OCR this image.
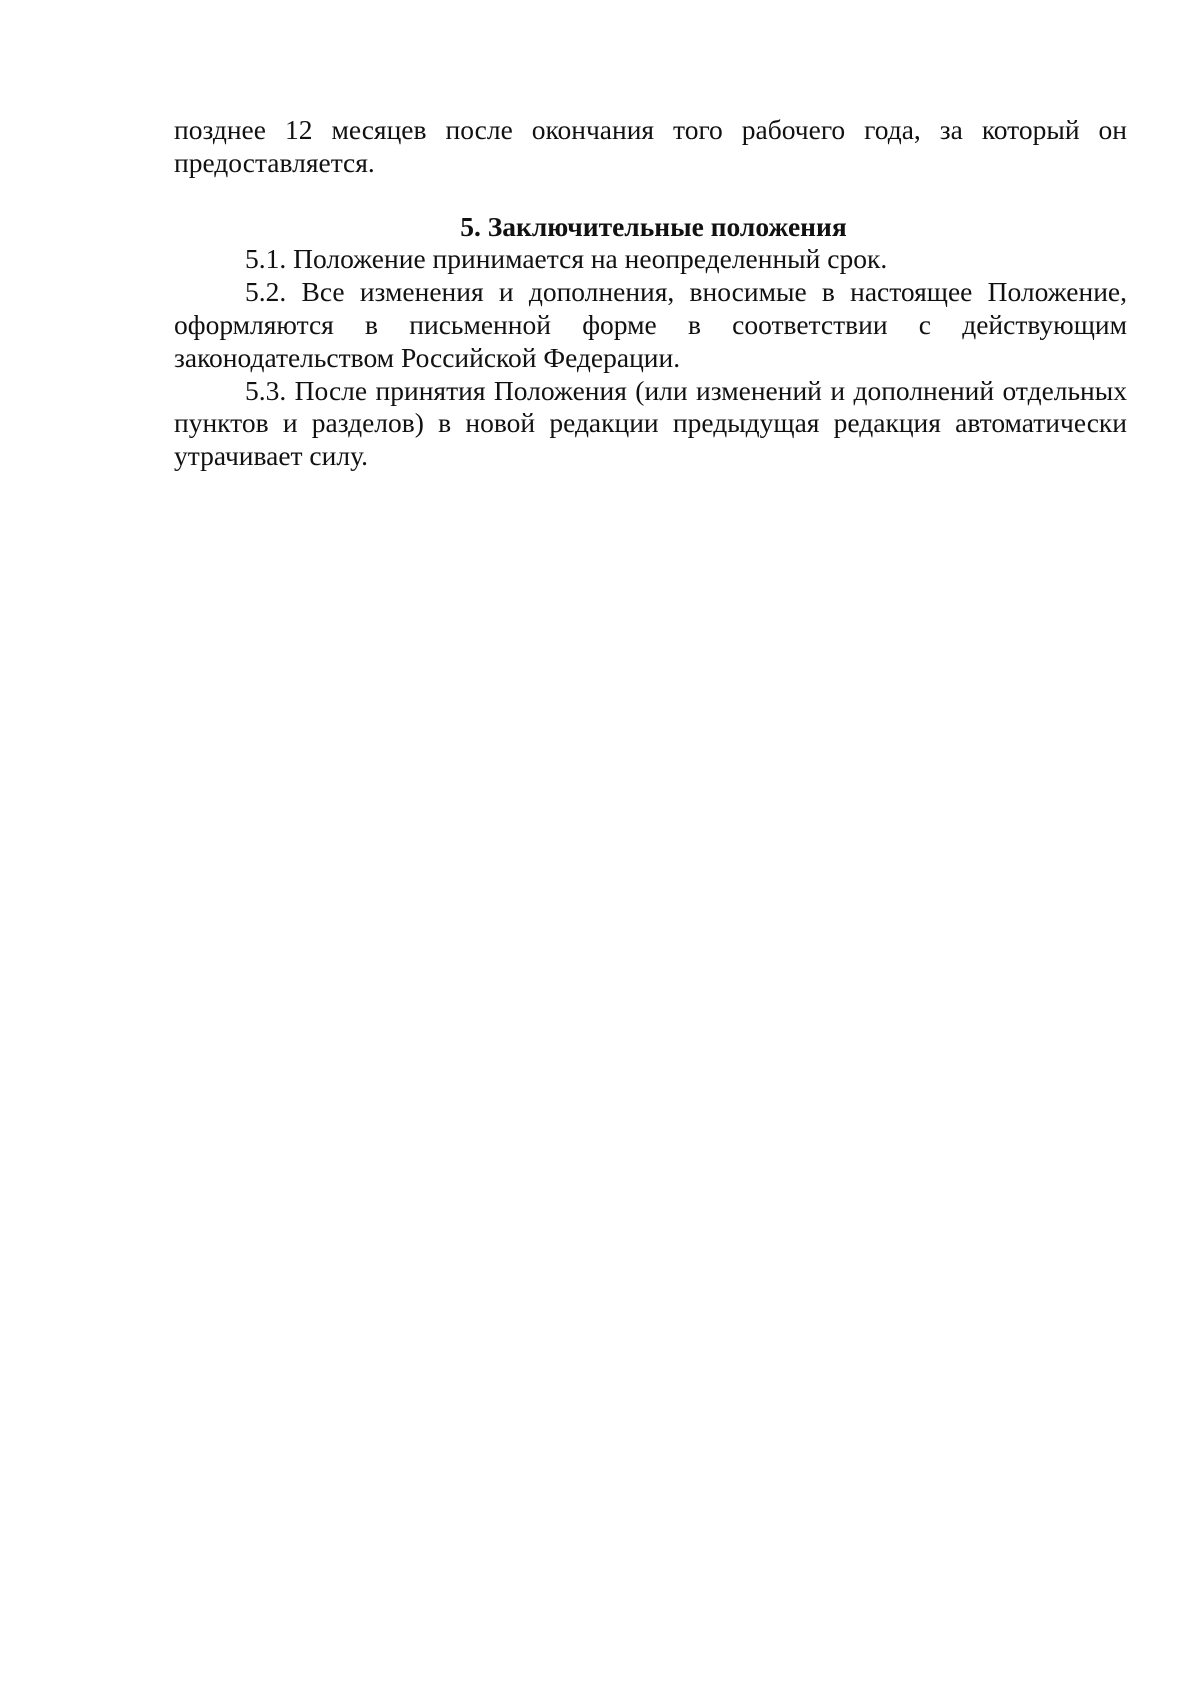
позднее 12 месяцев после окончания того рабочего года, за который он предоставляется.

5. Заключительные положения

5.1. Положение принимается на неопределенный срок.

5.2. Все изменения и дополнения, вносимые в настоящее Положение, оформляются в письменной форме в соответствии с действующим законодательством Российской Федерации.

5.3. После принятия Положения (или изменений и дополнений отдельных пунктов и разделов) в новой редакции предыдущая редакция автоматически утрачивает силу.
